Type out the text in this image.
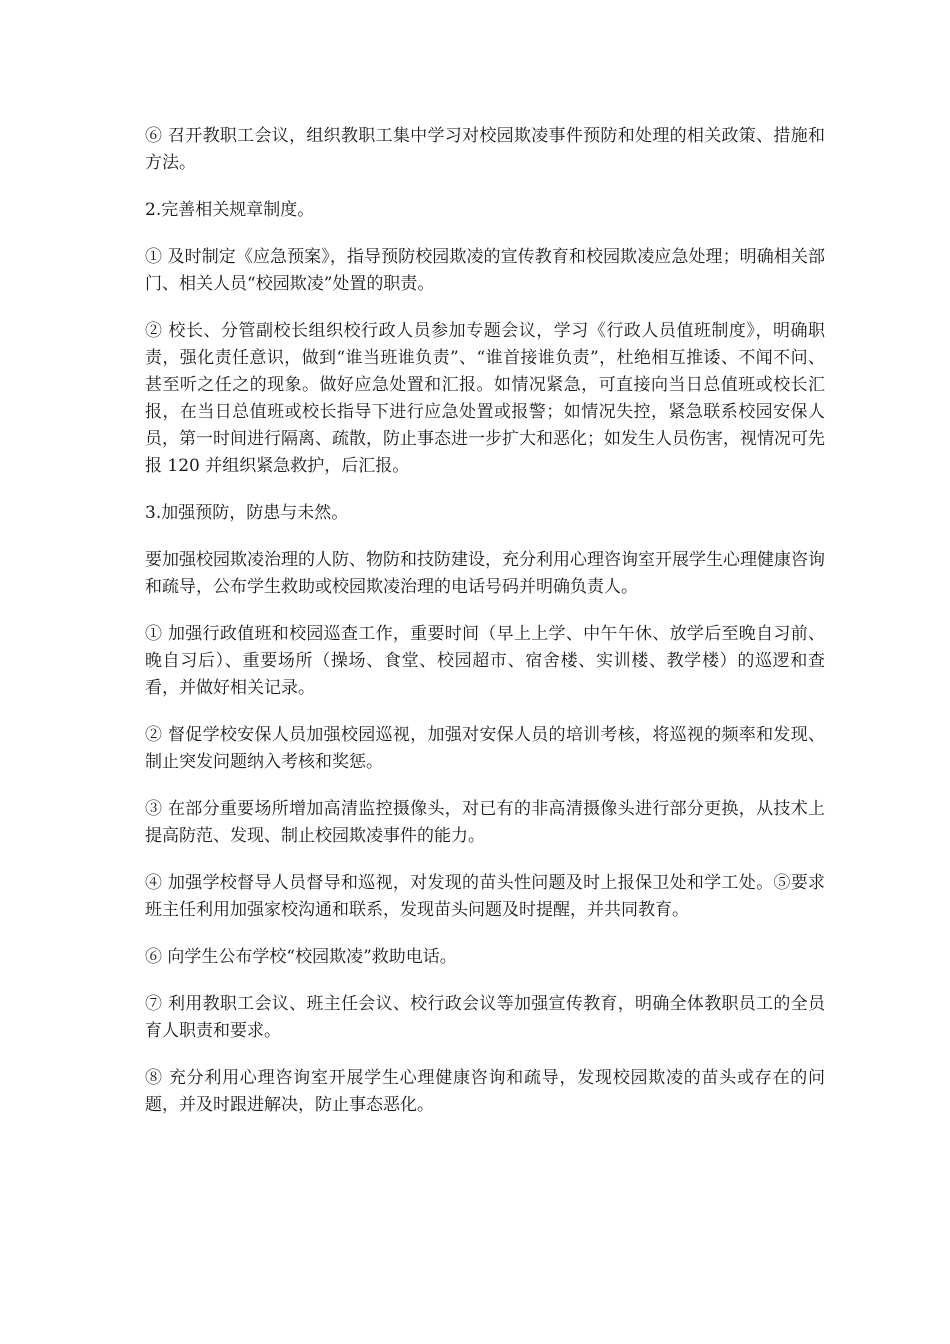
⑥ 召开教职工会议，组织教职工集中学习对校园欺凌事件预防和处理的相关政策、措施和方法。

2.完善相关规章制度。

① 及时制定《应急预案》，指导预防校园欺凌的宣传教育和校园欺凌应急处理；明确相关部门、相关人员“校园欺凌”处置的职责。

② 校长、分管副校长组织校行政人员参加专题会议，学习《行政人员值班制度》，明确职责，强化责任意识，做到“谁当班谁负责”、“谁首接谁负责”，杜绝相互推诿、不闻不问、甚至听之任之的现象。做好应急处置和汇报。如情况紧急，可直接向当日总值班或校长汇报，在当日总值班或校长指导下进行应急处置或报警；如情况失控，紧急联系校园安保人员，第一时间进行隔离、疏散，防止事态进一步扩大和恶化；如发生人员伤害，视情况可先报 120 并组织紧急救护，后汇报。

3.加强预防，防患与未然。

要加强校园欺凌治理的人防、物防和技防建设，充分利用心理咨询室开展学生心理健康咨询和疏导，公布学生救助或校园欺凌治理的电话号码并明确负责人。

① 加强行政值班和校园巡查工作，重要时间（早上上学、中午午休、放学后至晚自习前、晚自习后）、重要场所（操场、食堂、校园超市、宿舍楼、实训楼、教学楼）的巡逻和查看，并做好相关记录。

② 督促学校安保人员加强校园巡视，加强对安保人员的培训考核，将巡视的频率和发现、制止突发问题纳入考核和奖惩。

③ 在部分重要场所增加高清监控摄像头，对已有的非高清摄像头进行部分更换，从技术上提高防范、发现、制止校园欺凌事件的能力。

④ 加强学校督导人员督导和巡视，对发现的苗头性问题及时上报保卫处和学工处。⑤要求班主任利用加强家校沟通和联系，发现苗头问题及时提醒，并共同教育。

⑥ 向学生公布学校“校园欺凌”救助电话。

⑦ 利用教职工会议、班主任会议、校行政会议等加强宣传教育，明确全体教职员工的全员育人职责和要求。

⑧ 充分利用心理咨询室开展学生心理健康咨询和疏导，发现校园欺凌的苗头或存在的问题，并及时跟进解决，防止事态恶化。
